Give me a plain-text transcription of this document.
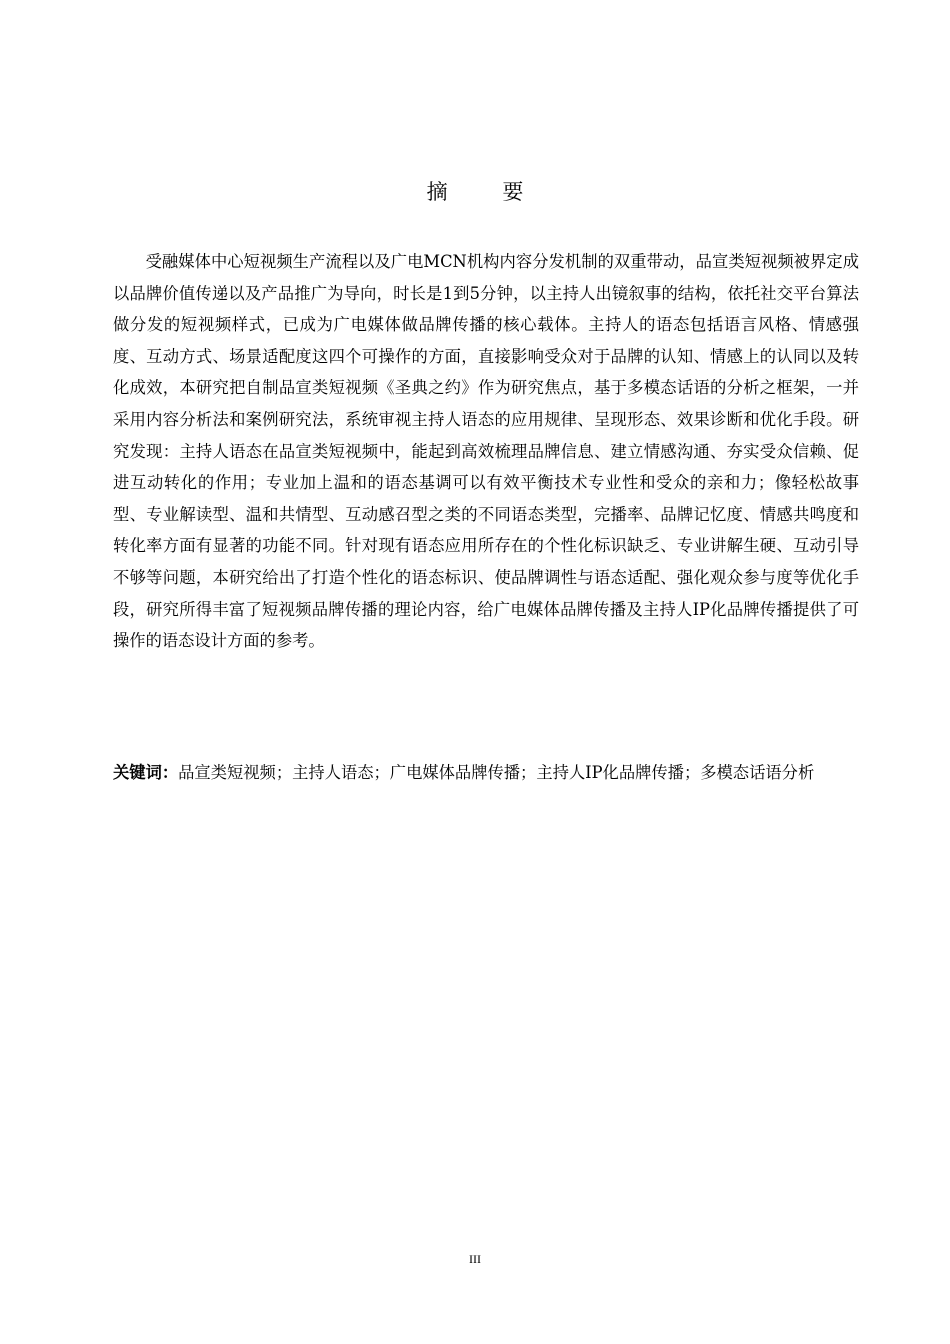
摘 要

受融媒体中心短视频生产流程以及广电MCN机构内容分发机制的双重带动，品宣类短视频被界定成以品牌价值传递以及产品推广为导向，时长是1到5分钟，以主持人出镜叙事的结构，依托社交平台算法做分发的短视频样式，已成为广电媒体做品牌传播的核心载体。主持人的语态包括语言风格、情感强度、互动方式、场景适配度这四个可操作的方面，直接影响受众对于品牌的认知、情感上的认同以及转化成效，本研究把自制品宣类短视频《圣典之约》作为研究焦点，基于多模态话语的分析之框架，一并采用内容分析法和案例研究法，系统审视主持人语态的应用规律、呈现形态、效果诊断和优化手段。研究发现：主持人语态在品宣类短视频中，能起到高效梳理品牌信息、建立情感沟通、夯实受众信赖、促进互动转化的作用；专业加上温和的语态基调可以有效平衡技术专业性和受众的亲和力；像轻松故事型、专业解读型、温和共情型、互动感召型之类的不同语态类型，完播率、品牌记忆度、情感共鸣度和转化率方面有显著的功能不同。针对现有语态应用所存在的个性化标识缺乏、专业讲解生硬、互动引导不够等问题，本研究给出了打造个性化的语态标识、使品牌调性与语态适配、强化观众参与度等优化手段，研究所得丰富了短视频品牌传播的理论内容，给广电媒体品牌传播及主持人IP化品牌传播提供了可操作的语态设计方面的参考。

关键词：品宣类短视频；主持人语态；广电媒体品牌传播；主持人IP化品牌传播；多模态话语分析

III
